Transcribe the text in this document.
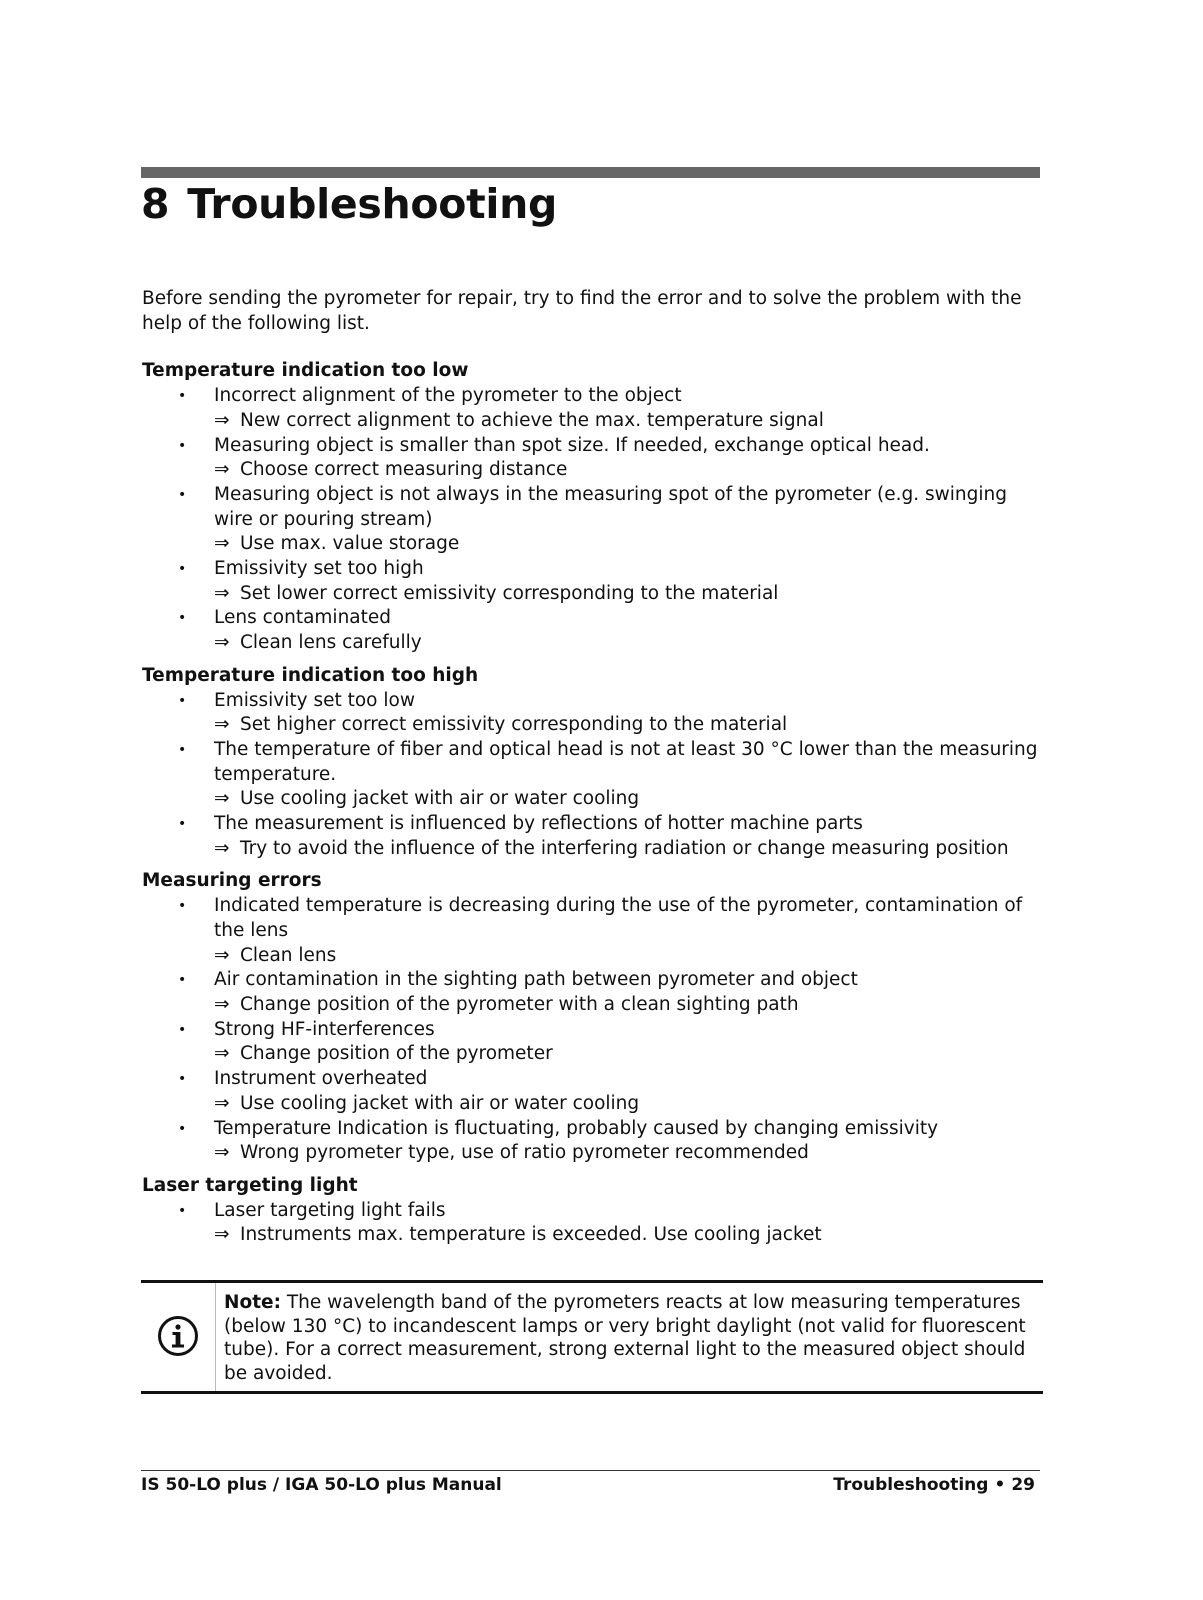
8 Troubleshooting

Before sending the pyrometer for repair, try to find the error and to solve the problem with the help of the following list.

Temperature indication too low
• Incorrect alignment of the pyrometer to the object
⇒ New correct alignment to achieve the max. temperature signal
• Measuring object is smaller than spot size. If needed, exchange optical head.
⇒ Choose correct measuring distance
• Measuring object is not always in the measuring spot of the pyrometer (e.g. swinging wire or pouring stream)
⇒ Use max. value storage
• Emissivity set too high
⇒ Set lower correct emissivity corresponding to the material
• Lens contaminated
⇒ Clean lens carefully
Temperature indication too high
• Emissivity set too low
⇒ Set higher correct emissivity corresponding to the material
• The temperature of fiber and optical head is not at least 30 °C lower than the measuring temperature.
⇒ Use cooling jacket with air or water cooling
• The measurement is influenced by reflections of hotter machine parts
⇒ Try to avoid the influence of the interfering radiation or change measuring position
Measuring errors
• Indicated temperature is decreasing during the use of the pyrometer, contamination of the lens
⇒ Clean lens
• Air contamination in the sighting path between pyrometer and object
⇒ Change position of the pyrometer with a clean sighting path
• Strong HF-interferences
⇒ Change position of the pyrometer
• Instrument overheated
⇒ Use cooling jacket with air or water cooling
• Temperature Indication is fluctuating, probably caused by changing emissivity
⇒ Wrong pyrometer type, use of ratio pyrometer recommended
Laser targeting light
• Laser targeting light fails
⇒ Instruments max. temperature is exceeded. Use cooling jacket
Note: The wavelength band of the pyrometers reacts at low measuring temperatures (below 130 °C) to incandescent lamps or very bright daylight (not valid for fluorescent tube). For a correct measurement, strong external light to the measured object should be avoided.
IS 50-LO plus / IGA 50-LO plus Manual	Troubleshooting • 29
